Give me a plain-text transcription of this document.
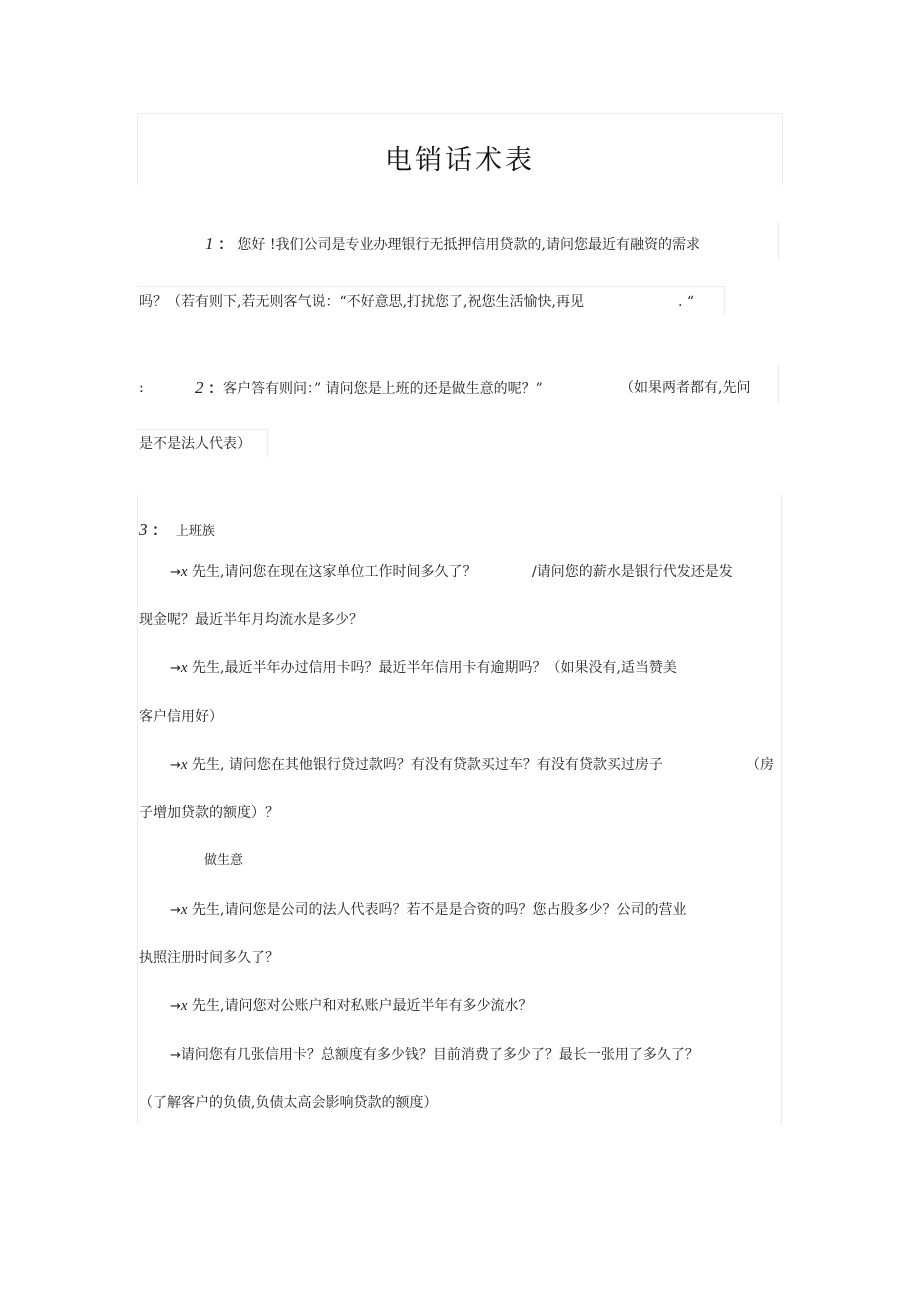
电销话术表
1 ： 您好 !我们公司是专业办理银行无抵押信用贷款的,请问您最近有融资的需求
吗？（若有则下,若无则客气说：“不好意思,打扰您了,祝您生活愉快,再见	. “
:	2 ：客户答有则问：” 请问您是上班的还是做生意的呢？”	（如果两者都有,先问
是不是法人代表）
3 ： 上班族
→x 先生,请问您在现在这家单位工作时间多久了？	/请问您的薪水是银行代发还是发
现金呢？最近半年月均流水是多少？
→x 先生,最近半年办过信用卡吗？最近半年信用卡有逾期吗？（如果没有,适当赞美
客户信用好）
→x 先生, 请问您在其他银行贷过款吗？有没有贷款买过车？有没有贷款买过房子	（房
子增加贷款的额度）？
做生意
→x 先生,请问您是公司的法人代表吗？若不是是合资的吗？您占股多少？公司的营业
执照注册时间多久了？
→x 先生,请问您对公账户和对私账户最近半年有多少流水？
→请问您有几张信用卡？总额度有多少钱？目前消费了多少了？最长一张用了多久了？
（了解客户的负债,负债太高会影响贷款的额度）
